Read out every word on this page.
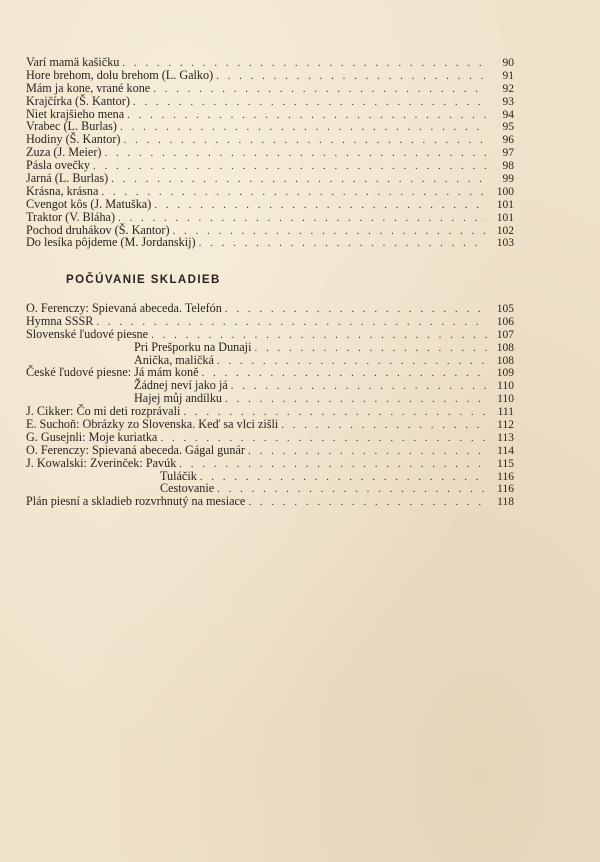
Varí mamä kašičku . . .	90
Hore brehom, dolu brehom (L. Galko) . . .	91
Mám ja kone, vrané kone . . .	92
Krajčírka (Š. Kantor) . . .	93
Niet krajšieho mena . . .	94
Vrabec (L. Burlas) . . .	95
Hodiny (Š. Kantor) . . .	96
Zuza (J. Meier) . . .	97
Pásla ovečky . . .	98
Jarná (L. Burlas) . . .	99
Krásna, krásna . . .	100
Cvengot kôs (J. Matuška) . . .	101
Traktor (V. Bláha) . . .	101
Pochod druhákov (Š. Kantor) . . .	102
Do lesíka pôjdeme (M. Jordanskij) . . .	103
POČÚVANIE SKLADIEB
O. Ferenczy: Spievaná abeceda. Telefón . . .	105
Hymna SSSR . . .	106
Slovenské ľudové piesne . . .	107
Pri Prešporku na Dunaji . . .	108
Anička, maličká . . .	108
České ľudové piesne: Já mám koně . . .	109
Žádnej neví jako já . . .	110
Hajej můj andílku . . .	110
J. Cikker: Čo mi deti rozprávali . . .	111
E. Suchoň: Obrázky zo Slovenska. Keď sa vlci zišli . . .	112
G. Gusejnli: Moje kuriatka . . .	113
O. Ferenczy: Spievaná abeceda. Gágal gunár . . .	114
J. Kowalski: Zverinček: Pavúk . . .	115
Tuláčik . . .	116
Cestovanie . . .	116
Plán piesní a skladieb rozvrhnutý na mesiace . . .	118
